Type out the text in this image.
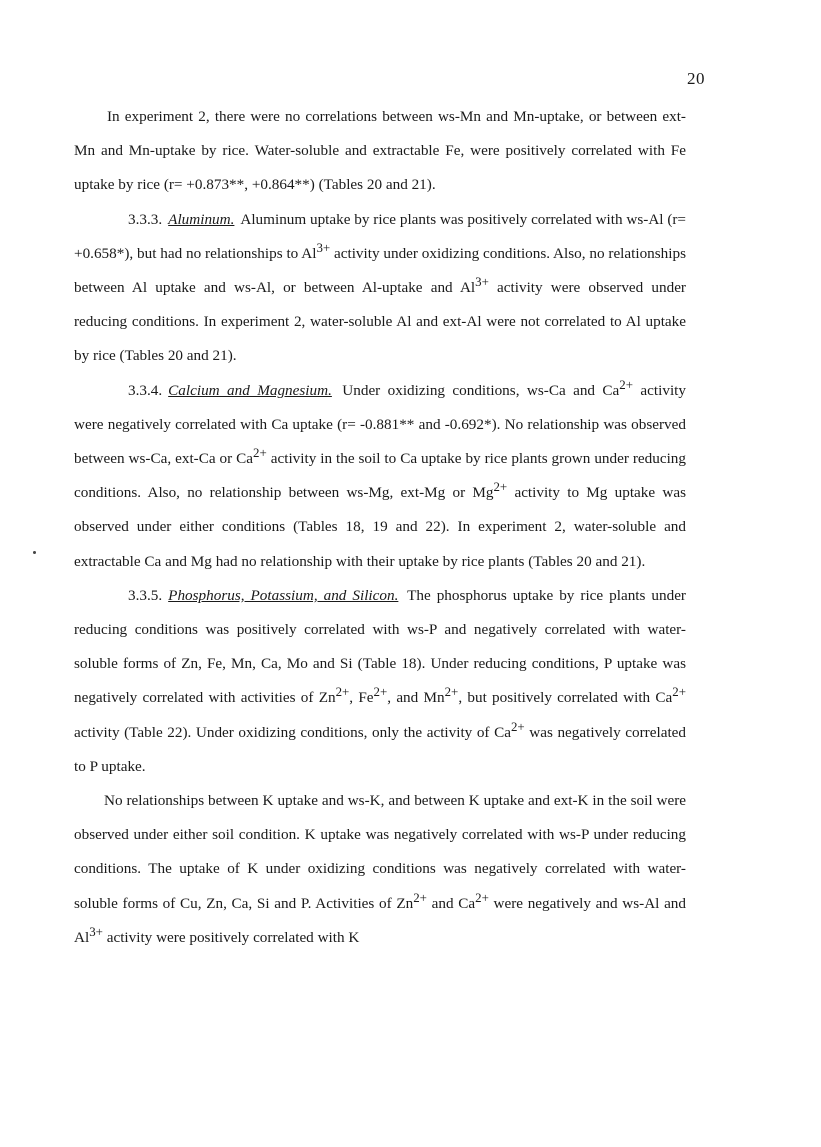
20

In experiment 2, there were no correlations between ws-Mn and Mn-uptake, or between ext-Mn and Mn-uptake by rice. Water-soluble and extractable Fe, were positively correlated with Fe uptake by rice (r= +0.873**, +0.864**) (Tables 20 and 21).

3.3.3. Aluminum. Aluminum uptake by rice plants was positively correlated with ws-Al (r= +0.658*), but had no relationships to $Al^{3+}$ activity under oxidizing conditions. Also, no relationships between Al uptake and ws-Al, or between Al-uptake and $Al^{3+}$ activity were observed under reducing conditions. In experiment 2, water-soluble Al and ext-Al were not correlated to Al uptake by rice (Tables 20 and 21).

3.3.4. Calcium and Magnesium. Under oxidizing conditions, ws-Ca and $Ca^{2+}$ activity were negatively correlated with Ca uptake (r= -0.881** and -0.692*). No relationship was observed between ws-Ca, ext-Ca or $Ca^{2+}$ activity in the soil to Ca uptake by rice plants grown under reducing conditions. Also, no relationship between ws-Mg, ext-Mg or $Mg^{2+}$ activity to Mg uptake was observed under either conditions (Tables 18, 19 and 22). In experiment 2, water-soluble and extractable Ca and Mg had no relationship with their uptake by rice plants (Tables 20 and 21).

3.3.5. Phosphorus, Potassium, and Silicon. The phosphorus uptake by rice plants under reducing conditions was positively correlated with ws-P and negatively correlated with water-soluble forms of Zn, Fe, Mn, Ca, Mo and Si (Table 18). Under reducing conditions, P uptake was negatively correlated with activities of $Zn^{2+}$, $Fe^{2+}$, and $Mn^{2+}$, but positively correlated with $Ca^{2+}$ activity (Table 22). Under oxidizing conditions, only the activity of $Ca^{2+}$ was negatively correlated to P uptake.

No relationships between K uptake and ws-K, and between K uptake and ext-K in the soil were observed under either soil condition. K uptake was negatively correlated with ws-P under reducing conditions. The uptake of K under oxidizing conditions was negatively correlated with water-soluble forms of Cu, Zn, Ca, Si and P. Activities of $Zn^{2+}$ and $Ca^{2+}$ were negatively and ws-Al and $Al^{3+}$ activity were positively correlated with K
